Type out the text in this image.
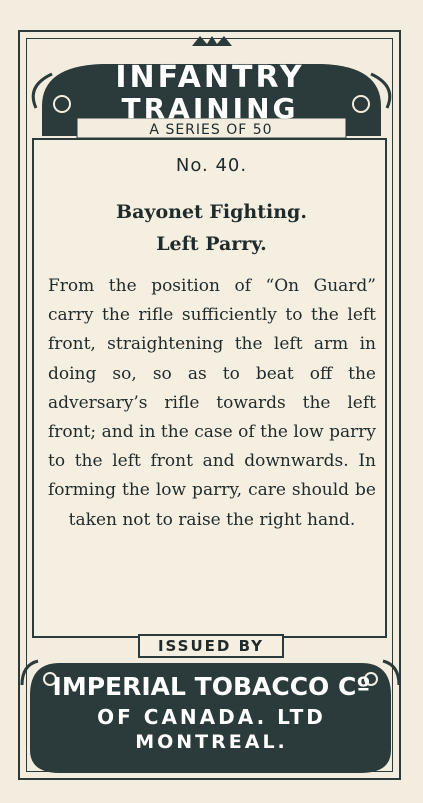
INFANTRY
TRAINING
A SERIES OF 50
No. 40.
Bayonet Fighting.
Left Parry.
From the position of “On Guard” carry the rifle sufficiently to the left front, straightening the left arm in doing so, so as to beat off the adversary’s rifle towards the left front; and in the case of the low parry to the left front and downwards. In forming the low parry, care should be taken not to raise the right hand.
ISSUED BY
IMPERIAL TOBACCO Cº
OF CANADA. LTD
MONTREAL.
